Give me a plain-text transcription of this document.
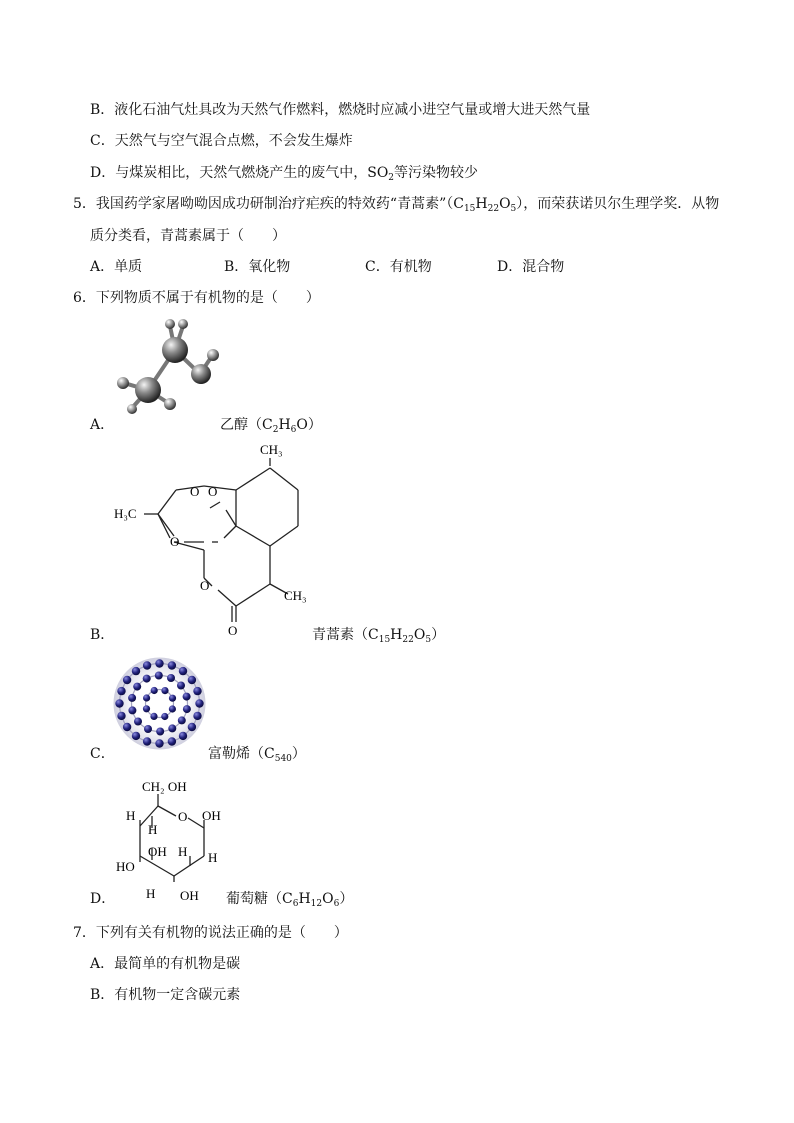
B．液化石油气灶具改为天然气作燃料，燃烧时应减小进空气量或增大进天然气量
C．天然气与空气混合点燃，不会发生爆炸
D．与煤炭相比，天然气燃烧产生的废气中，$SO_2$等污染物较少
5．我国药学家屠呦呦因成功研制治疗疟疾的特效药“青蒿素$”(C_{15}H_{22}O_5)$，而荣获诺贝尔生理学奖．从物
质分类看，青蒿素属于（　　）
A．单质	B．氧化物	C．有机物	D．混合物
6．下列物质不属于有机物的是（　　）
A．	乙醇$(C_2H_6O)$
CH₃
H₃C
O
O O
O
O
CH₃
B．	青蒿素$(C_{15}H_{22}O_5)$
C．	富勒烯$(C_{540})$
CH₂ OH
O
H
H
OH
OH H H
HO
H OH
D．	葡萄糖$(C_6H_{12}O_6)$
7．下列有关有机物的说法正确的是（　　）
A．最简单的有机物是碳
B．有机物一定含碳元素
